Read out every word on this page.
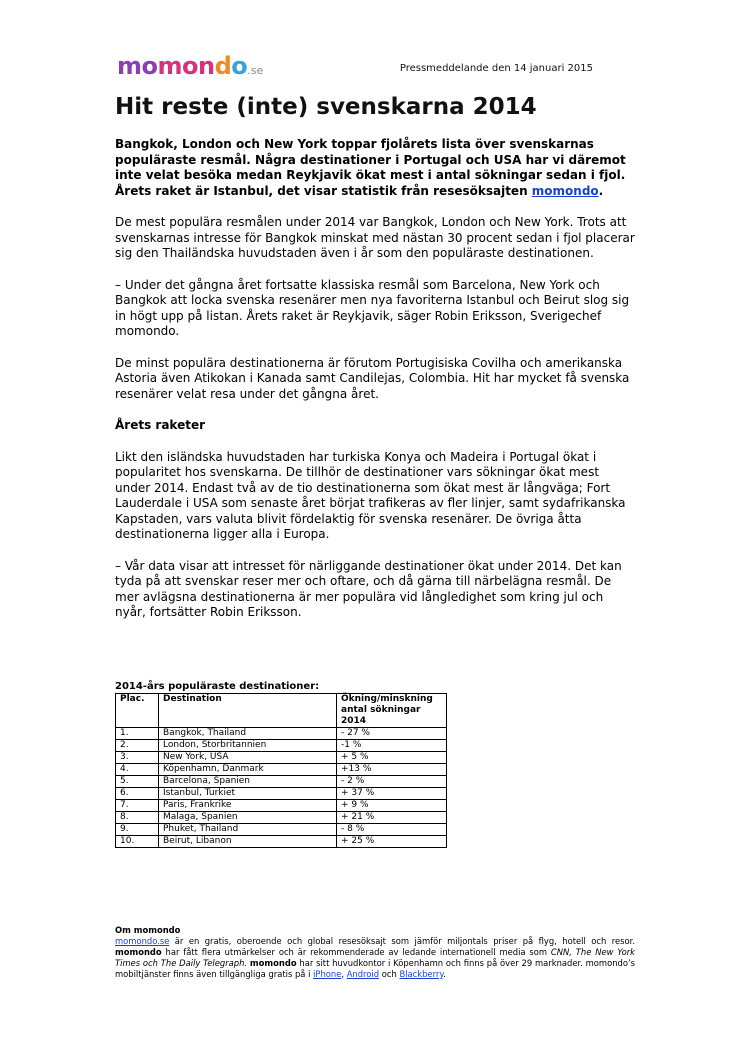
momondo.se	Pressmeddelande den 14 januari 2015
Hit reste (inte) svenskarna 2014

Bangkok, London och New York toppar fjolårets lista över svenskarnas populäraste resmål. Några destinationer i Portugal och USA har vi däremot inte velat besöka medan Reykjavik ökat mest i antal sökningar sedan i fjol. Årets raket är Istanbul, det visar statistik från resesöksajten momondo.

De mest populära resmålen under 2014 var Bangkok, London och New York. Trots att svenskarnas intresse för Bangkok minskat med nästan 30 procent sedan i fjol placerar sig den Thailändska huvudstaden även i år som den populäraste destinationen.

– Under det gångna året fortsatte klassiska resmål som Barcelona, New York och Bangkok att locka svenska resenärer men nya favoriterna Istanbul och Beirut slog sig in högt upp på listan. Årets raket är Reykjavik, säger Robin Eriksson, Sverigechef momondo.

De minst populära destinationerna är förutom Portugisiska Covilha och amerikanska Astoria även Atikokan i Kanada samt Candilejas, Colombia. Hit har mycket få svenska resenärer velat resa under det gångna året.

Årets raketer

Likt den isländska huvudstaden har turkiska Konya och Madeira i Portugal ökat i popularitet hos svenskarna. De tillhör de destinationer vars sökningar ökat mest under 2014. Endast två av de tio destinationerna som ökat mest är långväga; Fort Lauderdale i USA som senaste året börjat trafikeras av fler linjer, samt sydafrikanska Kapstaden, vars valuta blivit fördelaktig för svenska resenärer. De övriga åtta destinationerna ligger alla i Europa.

– Vår data visar att intresset för närliggande destinationer ökat under 2014. Det kan tyda på att svenskar reser mer och oftare, och då gärna till närbelägna resmål. De mer avlägsna destinationerna är mer populära vid långledighet som kring jul och nyår, fortsätter Robin Eriksson.

2014-års populäraste destinationer:

Plac.	Destination	Ökning/minskning antal sökningar 2014
1.	Bangkok, Thailand	- 27 %
2.	London, Storbritannien	-1 %
3.	New York, USA	+ 5 %
4.	Köpenhamn, Danmark	+13 %
5.	Barcelona, Spanien	- 2 %
6.	Istanbul, Turkiet	+ 37 %
7.	Paris, Frankrike	+ 9 %
8.	Malaga, Spanien	+ 21 %
9.	Phuket, Thailand	- 8 %
10.	Beirut, Libanon	+ 25 %

Om momondo

momondo.se är en gratis, oberoende och global resesöksajt som jämför miljontals priser på flyg, hotell och resor. momondo har fått flera utmärkelser och är rekommenderade av ledande internationell media som CNN, The New York Times och The Daily Telegraph. momondo har sitt huvudkontor i Köpenhamn och finns på över 29 marknader. momondo’s mobiltjänster finns även tillgängliga gratis på i iPhone, Android och Blackberry.
